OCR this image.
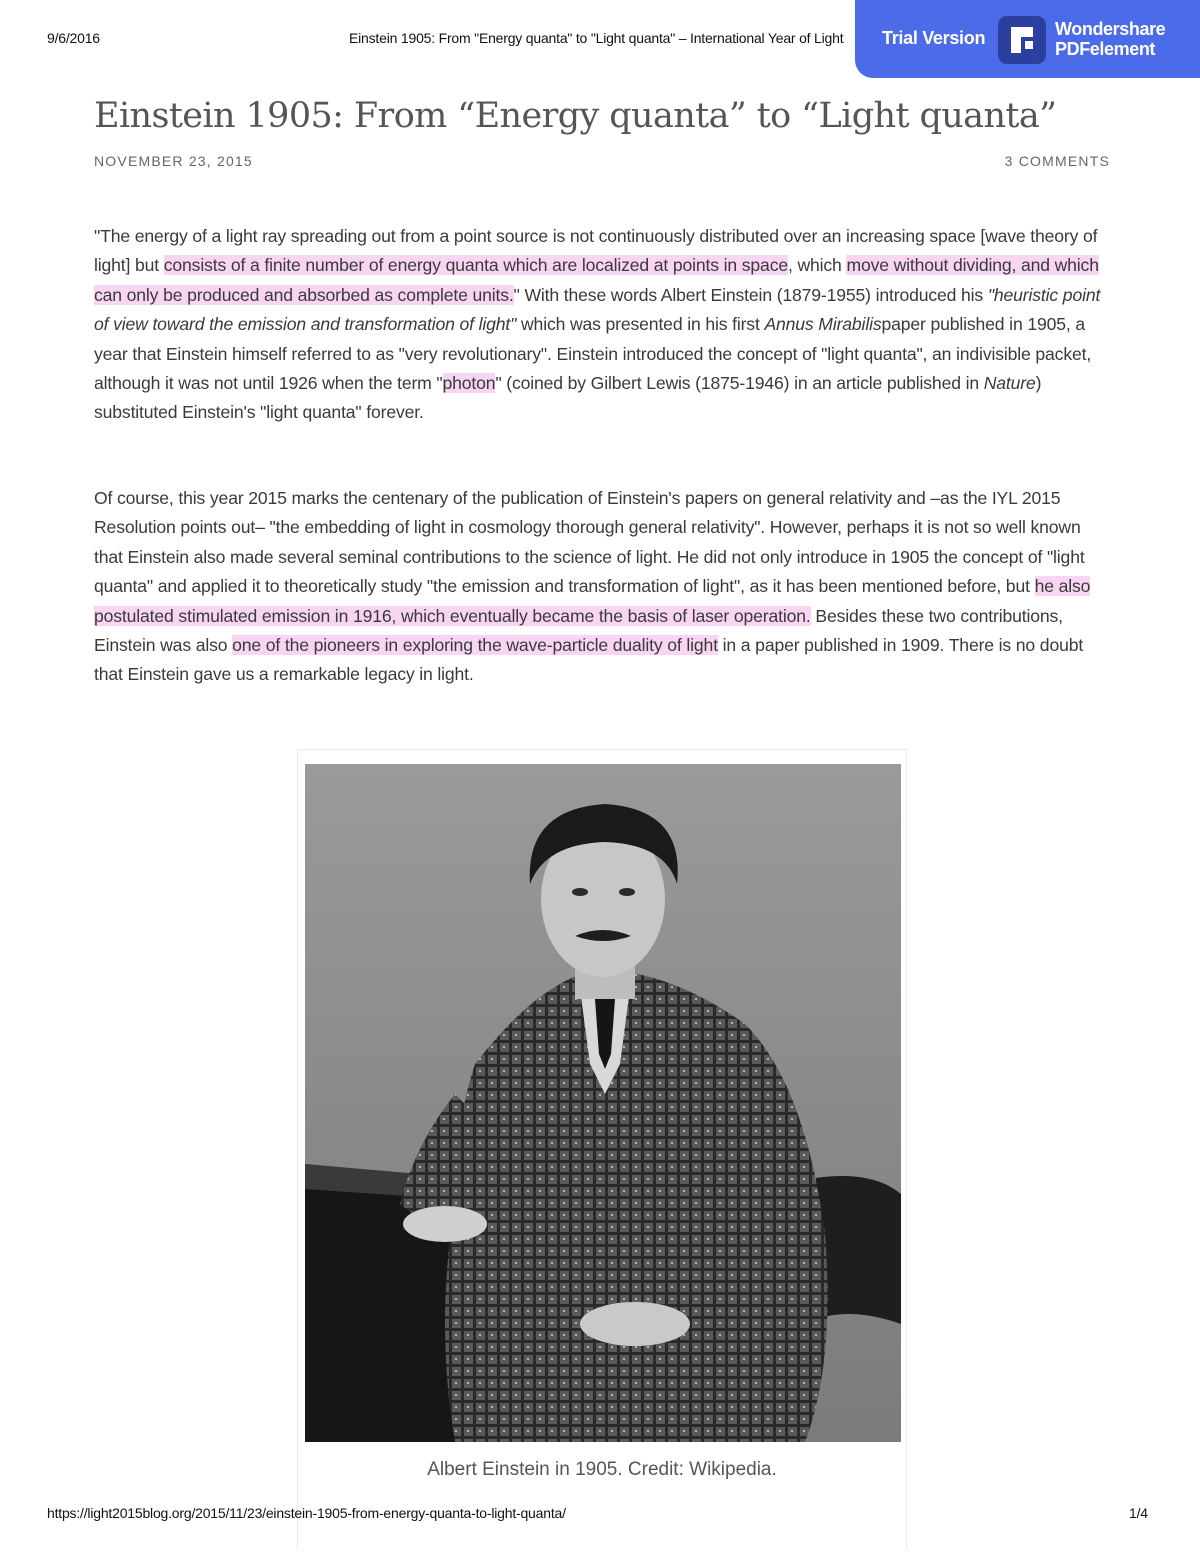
9/6/2016	Einstein 1905: From "Energy quanta" to "Light quanta" – International Year of Light	Trial Version	Wondershare
PDFelement
Einstein 1905: From “Energy quanta” to “Light quanta”
NOVEMBER 23, 2015	3 COMMENTS

"The energy of a light ray spreading out from a point source is not continuously distributed over an increasing space [wave theory of light] but consists of a finite number of energy quanta which are localized at points in space, which move without dividing, and which can only be produced and absorbed as complete units." With these words Albert Einstein (1879-1955) introduced his "heuristic point of view toward the emission and transformation of light" which was presented in his first Annus Mirabilispaper published in 1905, a year that Einstein himself referred to as "very revolutionary". Einstein introduced the concept of "light quanta", an indivisible packet, although it was not until 1926 when the term "photon" (coined by Gilbert Lewis (1875-1946) in an article published in Nature) substituted Einstein's "light quanta" forever.

Of course, this year 2015 marks the centenary of the publication of Einstein's papers on general relativity and –as the IYL 2015 Resolution points out– "the embedding of light in cosmology thorough general relativity". However, perhaps it is not so well known that Einstein also made several seminal contributions to the science of light. He did not only introduce in 1905 the concept of "light quanta" and applied it to theoretically study "the emission and transformation of light", as it has been mentioned before, but he also postulated stimulated emission in 1916, which eventually became the basis of laser operation. Besides these two contributions, Einstein was also one of the pioneers in exploring the wave-particle duality of light in a paper published in 1909. There is no doubt that Einstein gave us a remarkable legacy in light.

Albert Einstein in 1905. Credit: Wikipedia.
https://light2015blog.org/2015/11/23/einstein-1905-from-energy-quanta-to-light-quanta/	1/4
